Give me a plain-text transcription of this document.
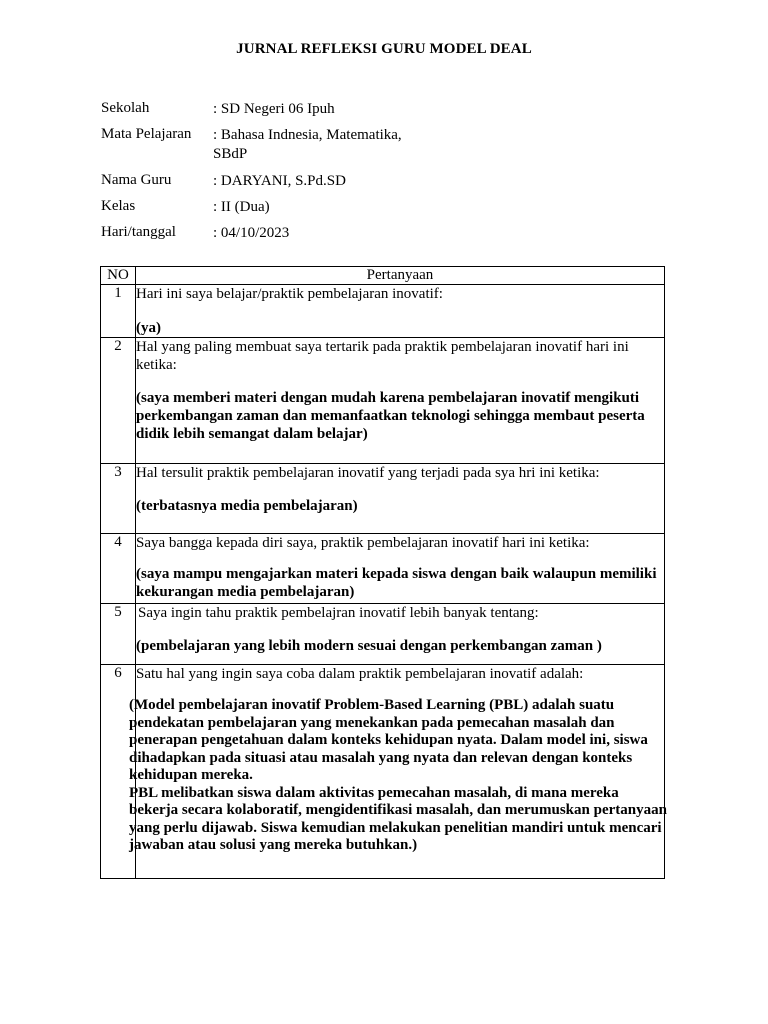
JURNAL REFLEKSI GURU MODEL DEAL
Sekolah	: SD Negeri 06 Ipuh
Mata Pelajaran	: Bahasa Indnesia, Matematika, SBdP
Nama Guru	: DARYANI, S.Pd.SD
Kelas	: II (Dua)
Hari/tanggal	: 04/10/2023
NO	Pertanyaan
1	Hari ini saya belajar/praktik pembelajaran inovatif:
(ya)

2	Hal yang paling membuat saya tertarik pada praktik pembelajaran inovatif hari ini ketika:
(saya memberi materi dengan mudah karena pembelajaran inovatif mengikuti perkembangan zaman dan memanfaatkan teknologi sehingga membaut peserta didik lebih semangat dalam belajar)

3	Hal tersulit praktik pembelajaran inovatif yang terjadi pada sya hri ini ketika:
(terbatasnya media pembelajaran)

4	Saya bangga kepada diri saya, praktik pembelajaran inovatif hari ini ketika:
(saya mampu mengajarkan materi kepada siswa dengan baik walaupun memiliki kekurangan media pembelajaran)

5	Saya ingin tahu praktik pembelajran inovatif lebih banyak tentang:
(pembelajaran yang lebih modern sesuai dengan perkembangan zaman )

6	Satu hal yang ingin saya coba dalam praktik pembelajaran inovatif adalah:
(Model pembelajaran inovatif Problem-Based Learning (PBL) adalah suatu pendekatan pembelajaran yang menekankan pada pemecahan masalah dan penerapan pengetahuan dalam konteks kehidupan nyata. Dalam model ini, siswa dihadapkan pada situasi atau masalah yang nyata dan relevan dengan konteks kehidupan mereka.
PBL melibatkan siswa dalam aktivitas pemecahan masalah, di mana mereka bekerja secara kolaboratif, mengidentifikasi masalah, dan merumuskan pertanyaan yang perlu dijawab. Siswa kemudian melakukan penelitian mandiri untuk mencari jawaban atau solusi yang mereka butuhkan.)
